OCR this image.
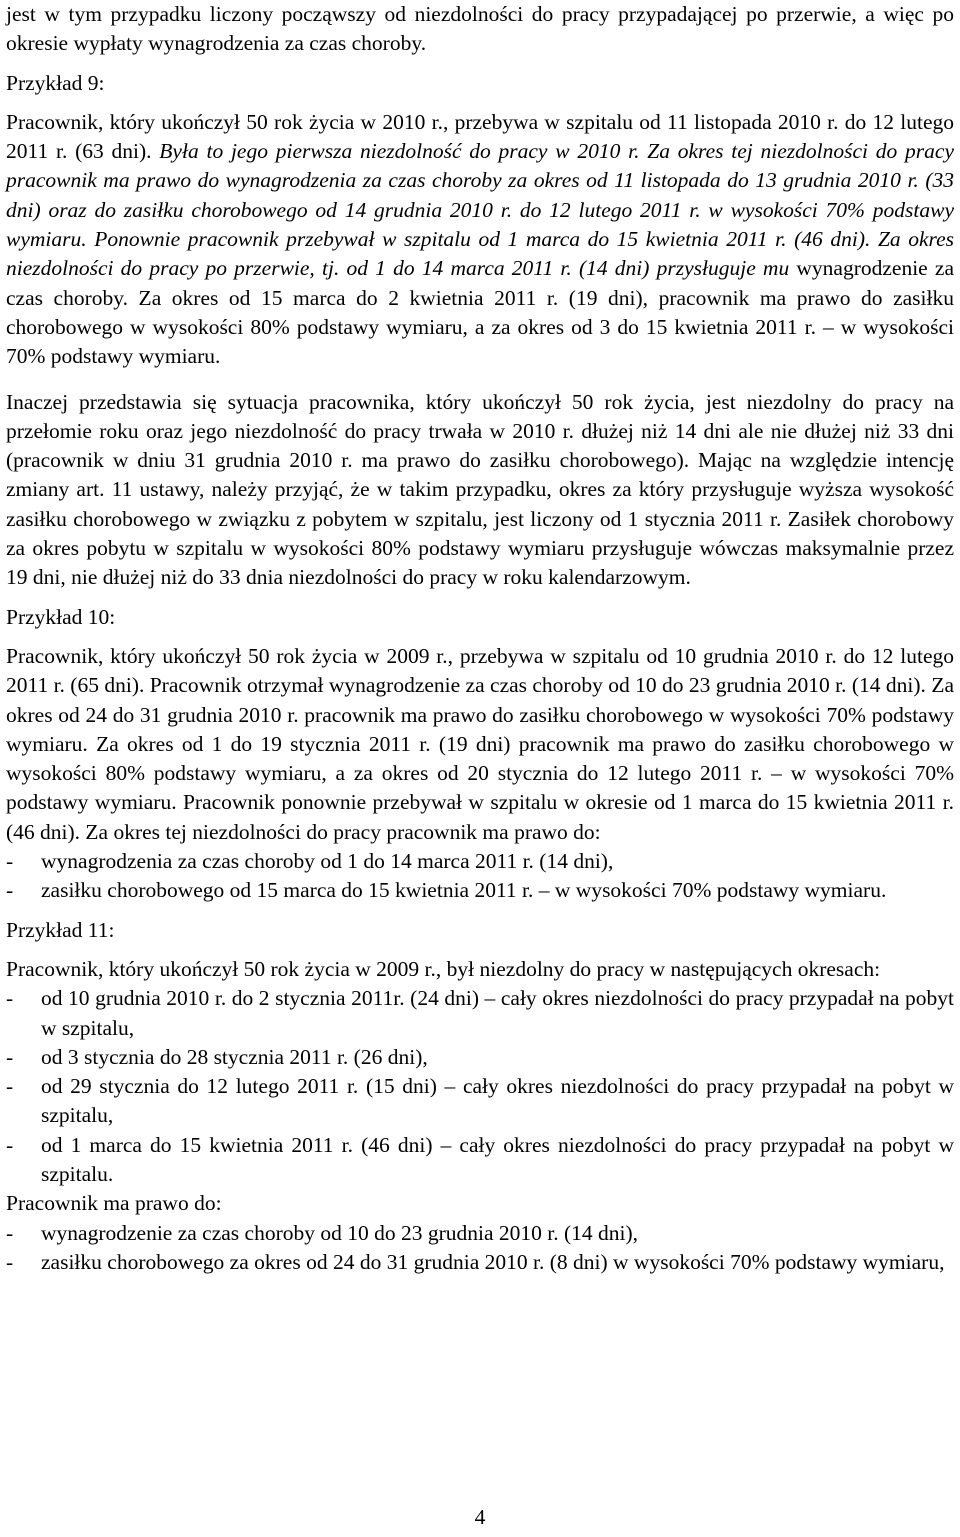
jest w tym przypadku liczony począwszy od niezdolności do pracy przypadającej po przerwie, a więc po okresie wypłaty wynagrodzenia za czas choroby.

Przykład 9:

Pracownik, który ukończył 50 rok życia w 2010 r., przebywa w szpitalu od 11 listopada 2010 r. do 12 lutego 2011 r. (63 dni). Była to jego pierwsza niezdolność do pracy w 2010 r. Za okres tej niezdolności do pracy pracownik ma prawo do wynagrodzenia za czas choroby za okres od 11 listopada do 13 grudnia 2010 r. (33 dni) oraz do zasiłku chorobowego od 14 grudnia 2010 r. do 12 lutego 2011 r. w wysokości 70% podstawy wymiaru. Ponownie pracownik przebywał w szpitalu od 1 marca do 15 kwietnia 2011 r. (46 dni). Za okres niezdolności do pracy po przerwie, tj. od 1 do 14 marca 2011 r. (14 dni) przysługuje mu wynagrodzenie za czas choroby. Za okres od 15 marca do 2 kwietnia 2011 r. (19 dni), pracownik ma prawo do zasiłku chorobowego w wysokości 80% podstawy wymiaru, a za okres od 3 do 15 kwietnia 2011 r. – w wysokości 70% podstawy wymiaru.

Inaczej przedstawia się sytuacja pracownika, który ukończył 50 rok życia, jest niezdolny do pracy na przełomie roku oraz jego niezdolność do pracy trwała w 2010 r. dłużej niż 14 dni ale nie dłużej niż 33 dni (pracownik w dniu 31 grudnia 2010 r. ma prawo do zasiłku chorobowego). Mając na względzie intencję zmiany art. 11 ustawy, należy przyjąć, że w takim przypadku, okres za który przysługuje wyższa wysokość zasiłku chorobowego w związku z pobytem w szpitalu, jest liczony od 1 stycznia 2011 r. Zasiłek chorobowy za okres pobytu w szpitalu w wysokości 80% podstawy wymiaru przysługuje wówczas maksymalnie przez 19 dni, nie dłużej niż do 33 dnia niezdolności do pracy w roku kalendarzowym.

Przykład 10:

Pracownik, który ukończył 50 rok życia w 2009 r., przebywa w szpitalu od 10 grudnia 2010 r. do 12 lutego 2011 r. (65 dni). Pracownik otrzymał wynagrodzenie za czas choroby od 10 do 23 grudnia 2010 r. (14 dni). Za okres od 24 do 31 grudnia 2010 r. pracownik ma prawo do zasiłku chorobowego w wysokości 70% podstawy wymiaru. Za okres od 1 do 19 stycznia 2011 r. (19 dni) pracownik ma prawo do zasiłku chorobowego w wysokości 80% podstawy wymiaru, a za okres od 20 stycznia do 12 lutego 2011 r. – w wysokości 70% podstawy wymiaru. Pracownik ponownie przebywał w szpitalu w okresie od 1 marca do 15 kwietnia 2011 r. (46 dni). Za okres tej niezdolności do pracy pracownik ma prawo do:

- wynagrodzenia za czas choroby od 1 do 14 marca 2011 r. (14 dni),
- zasiłku chorobowego od 15 marca do 15 kwietnia 2011 r. – w wysokości 70% podstawy wymiaru.

Przykład 11:

Pracownik, który ukończył 50 rok życia w 2009 r., był niezdolny do pracy w następujących okresach:

- od 10 grudnia 2010 r. do 2 stycznia 2011r. (24 dni) – cały okres niezdolności do pracy przypadał na pobyt w szpitalu,
- od 3 stycznia do 28 stycznia 2011 r. (26 dni),
- od 29 stycznia do 12 lutego 2011 r. (15 dni) – cały okres niezdolności do pracy przypadał na pobyt w szpitalu,
- od 1 marca do 15 kwietnia 2011 r. (46 dni) – cały okres niezdolności do pracy przypadał na pobyt w szpitalu.

Pracownik ma prawo do:

- wynagrodzenie za czas choroby od 10 do 23 grudnia 2010 r. (14 dni),
- zasiłku chorobowego za okres od 24 do 31 grudnia 2010 r. (8 dni) w wysokości 70% podstawy wymiaru,
4
